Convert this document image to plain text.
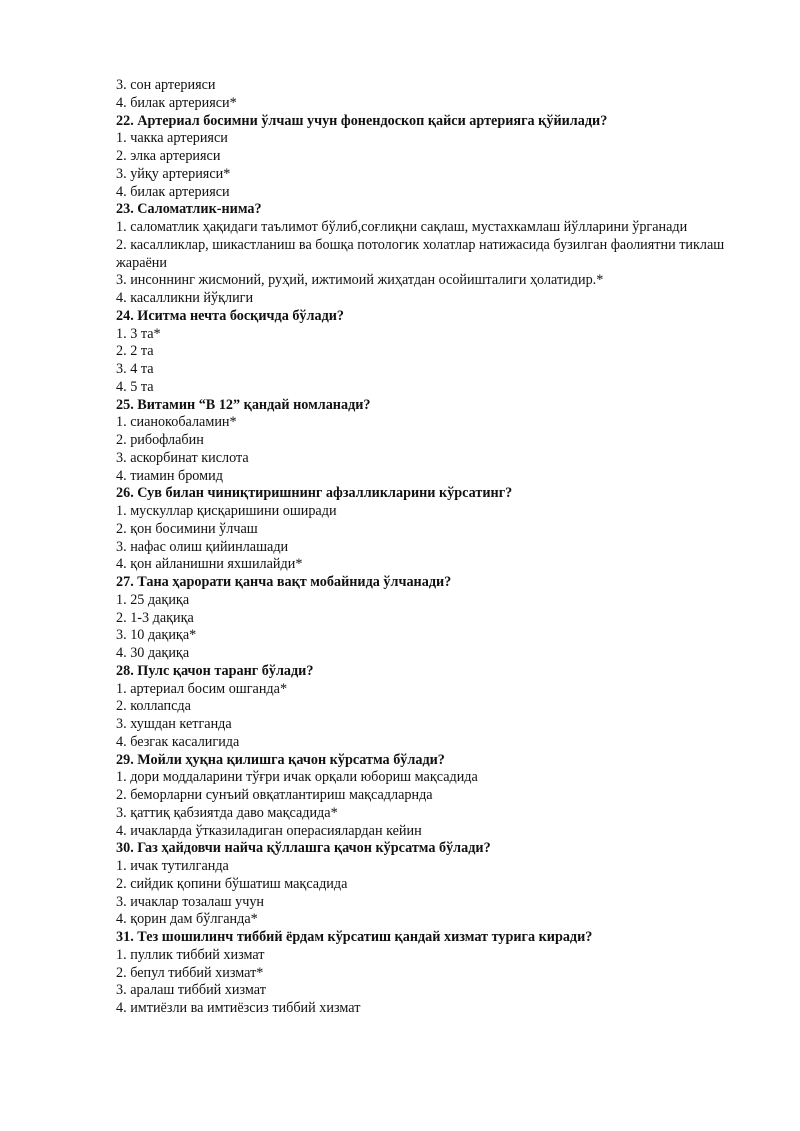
3. сон артерияси
4. билак артерияси*
22. Артериал босимни ўлчаш учун фонендоскоп қайси артерияга қўйилади?
1. чакка артерияси
2. элка артерияси
3. уйқу артерияси*
4. билак артерияси
23. Саломатлик-нима?
1. саломатлик ҳақидаги таълимот бўлиб,соғлиқни сақлаш, мустахкамлаш йўлларини ўрганади
2. касалликлар, шикастланиш ва бошқа потологик холатлар натижасида бузилган фаолиятни тиклаш жараёни
3. инсоннинг жисмоний, руҳий, ижтимоий жиҳатдан осойишталиги ҳолатидир.*
4. касалликни йўқлиги
24. Иситма нечта босқичда бўлади?
1. 3 та*
2. 2 та
3. 4 та
4. 5 та
25. Витамин “В 12” қандай номланади?
1. сианокобаламин*
2. рибофлабин
3. аскорбинат кислота
4. тиамин бромид
26. Сув билан чиниқтиришнинг афзалликларини кўрсатинг?
1. мускуллар қисқаришини оширади
2. қон босимини ўлчаш
3. нафас олиш қийинлашади
4. қон айланишни яхшилайди*
27. Тана ҳарорати қанча вақт мобайнида ўлчанади?
1. 25 дақиқа
2. 1-3 дақиқа
3. 10 дақиқа*
4. 30 дақиқа
28. Пулс қачон таранг бўлади?
1. артериал босим ошганда*
2. коллапсда
3. хушдан кетганда
4. безгак касалигида
29. Мойли ҳуқна қилишга қачон кўрсатма бўлади?
1. дори моддаларини тўғри ичак орқали юбориш мақсадида
2. беморларни сунъий овқатлантириш мақсадларнда
3. қаттиқ қабзиятда даво мақсадида*
4. ичакларда ўтказиладиган операсиялардан кейин
30. Газ ҳайдовчи найча қўллашга қачон кўрсатма бўлади?
1. ичак тутилганда
2. сийдик қопини бўшатиш мақсадида
3. ичаклар тозалаш учун
4. қорин дам бўлганда*
31. Тез шошилинч тиббий ёрдам кўрсатиш қандай хизмат турига киради?
1. пуллик тиббий хизмат
2. бепул тиббий хизмат*
3. аралаш тиббий хизмат
4. имтиёзли ва имтиёзсиз тиббий хизмат
